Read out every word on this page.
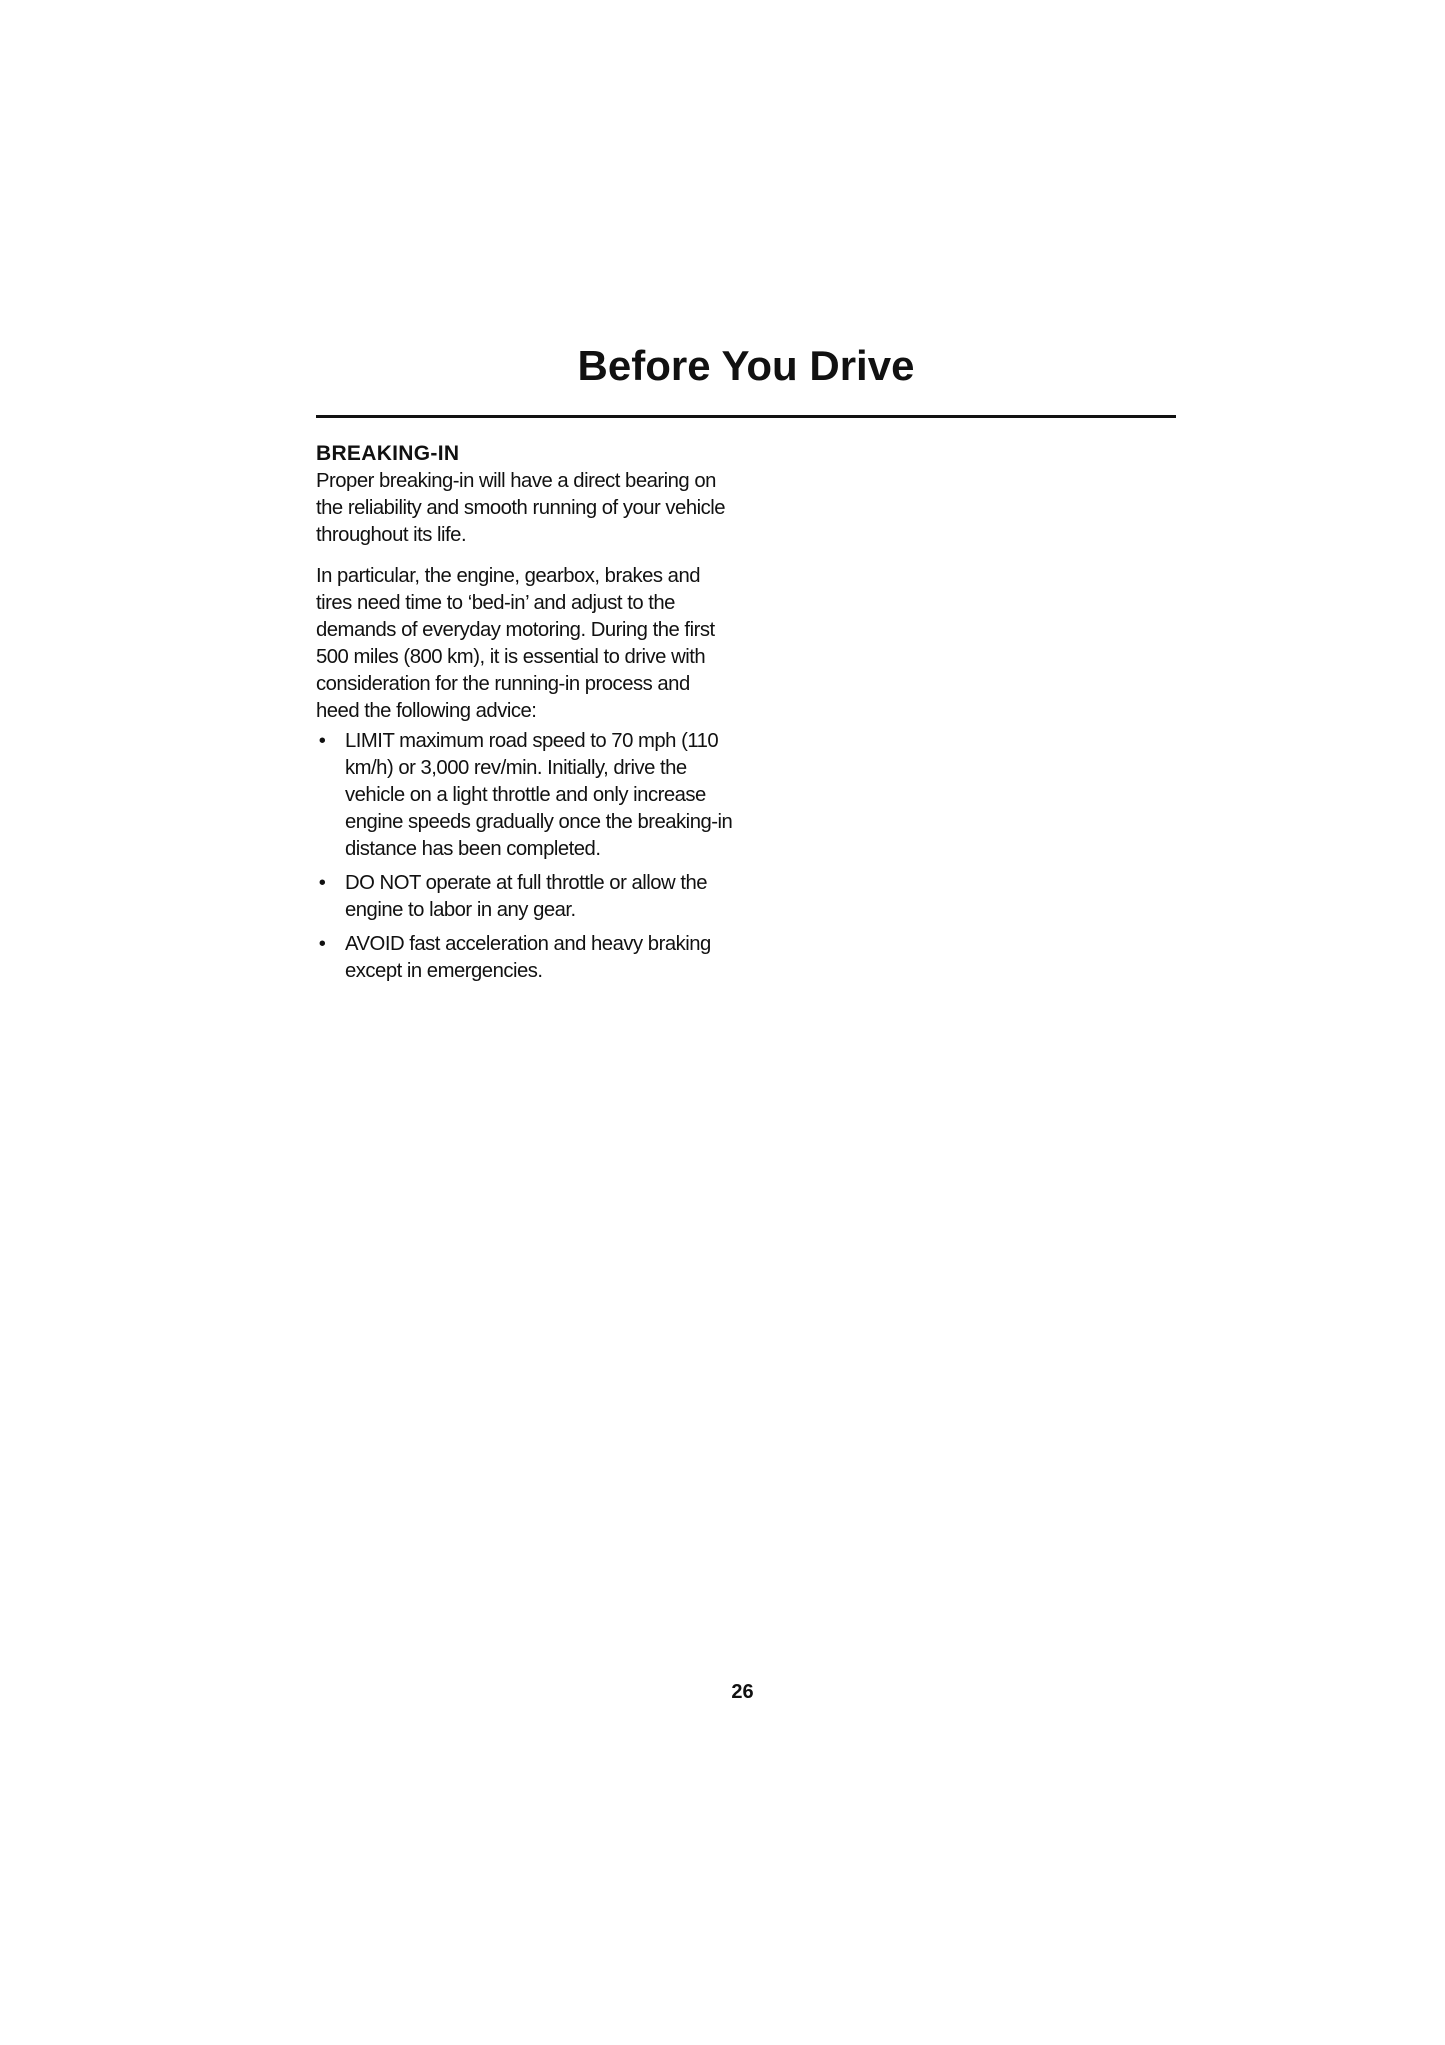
Before You Drive
BREAKING-IN

Proper breaking-in will have a direct bearing on the reliability and smooth running of your vehicle throughout its life.

In particular, the engine, gearbox, brakes and tires need time to ‘bed-in’ and adjust to the demands of everyday motoring. During the first 500 miles (800 km), it is essential to drive with consideration for the running-in process and heed the following advice:

• LIMIT maximum road speed to 70 mph (110 km/h) or 3,000 rev/min. Initially, drive the vehicle on a light throttle and only increase engine speeds gradually once the breaking-in distance has been completed.
• DO NOT operate at full throttle or allow the engine to labor in any gear.
• AVOID fast acceleration and heavy braking except in emergencies.
26
